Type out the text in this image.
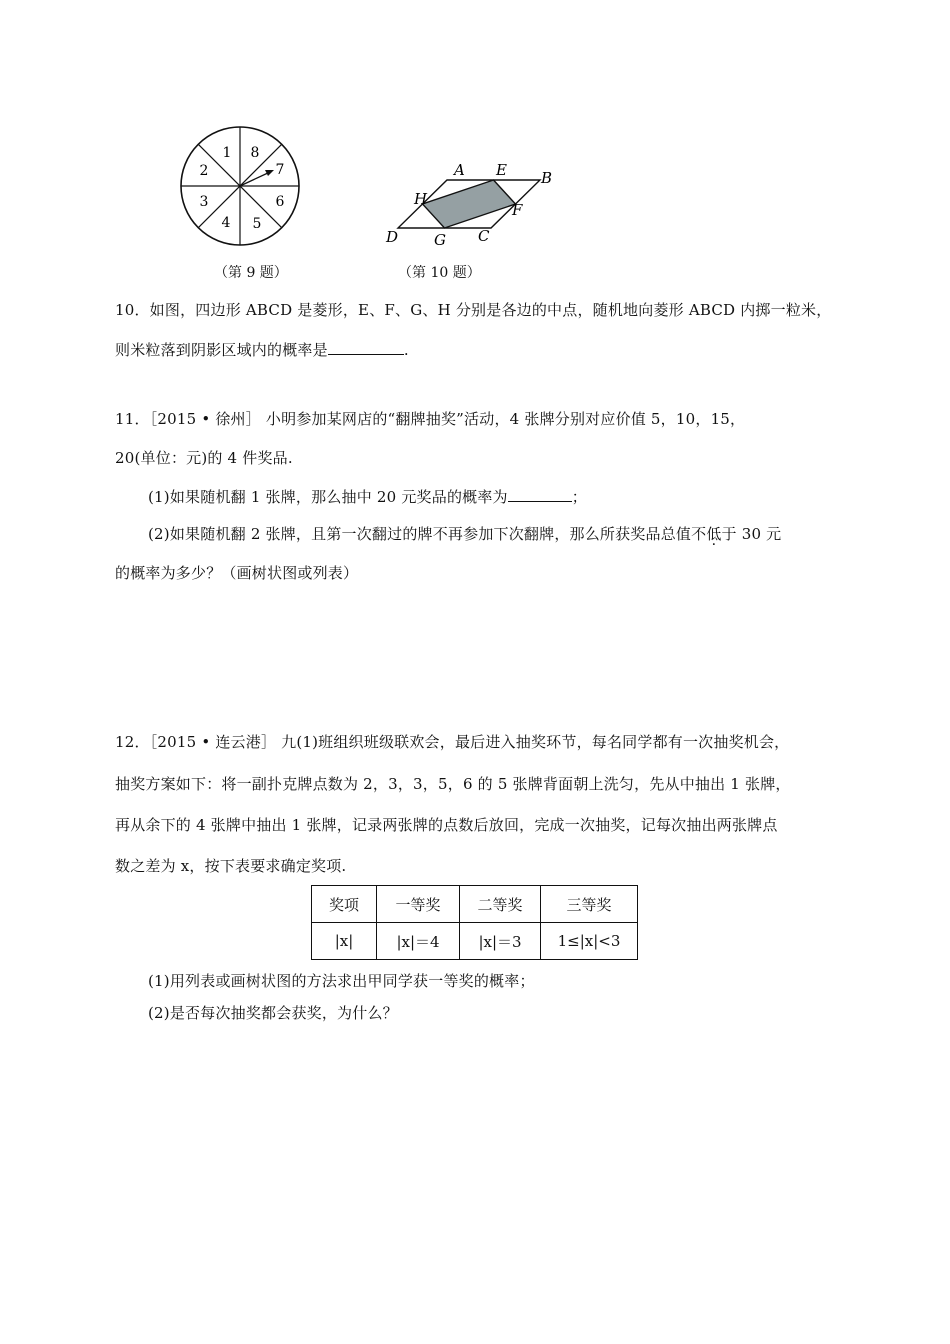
1 8
7
6
5
4
3
2
（第 9 题）
A E B
H
F
D G C
（第 10 题）
10．如图，四边形 ABCD 是菱形，E、F、G、H 分别是各边的中点，随机地向菱形 ABCD 内掷一粒米，
则米粒落到阴影区域内的概率是	.
11．［2015 • 徐州］ 小明参加某网店的“翻牌抽奖”活动，4 张牌分别对应价值 5，10，15，
20(单位：元)的 4 件奖品.
(1)如果随机翻 1 张牌，那么抽中 20 元奖品的概率为	；
(2)如果随机翻 2 张牌，且第一次翻过的牌不再参加下次翻牌，那么所获奖品总值不低于 30 元
的概率为多少？（画树状图或列表）
12．［2015 • 连云港］ 九(1)班组织班级联欢会，最后进入抽奖环节，每名同学都有一次抽奖机会，
抽奖方案如下：将一副扑克牌点数为 2，3，3，5，6 的 5 张牌背面朝上洗匀，先从中抽出 1 张牌，
再从余下的 4 张牌中抽出 1 张牌，记录两张牌的点数后放回，完成一次抽奖，记每次抽出两张牌点
数之差为 x，按下表要求确定奖项.
奖项	一等奖	二等奖	三等奖
|x|	|x|＝4	|x|＝3	1≤|x|<3
(1)用列表或画树状图的方法求出甲同学获一等奖的概率；
(2)是否每次抽奖都会获奖，为什么？
